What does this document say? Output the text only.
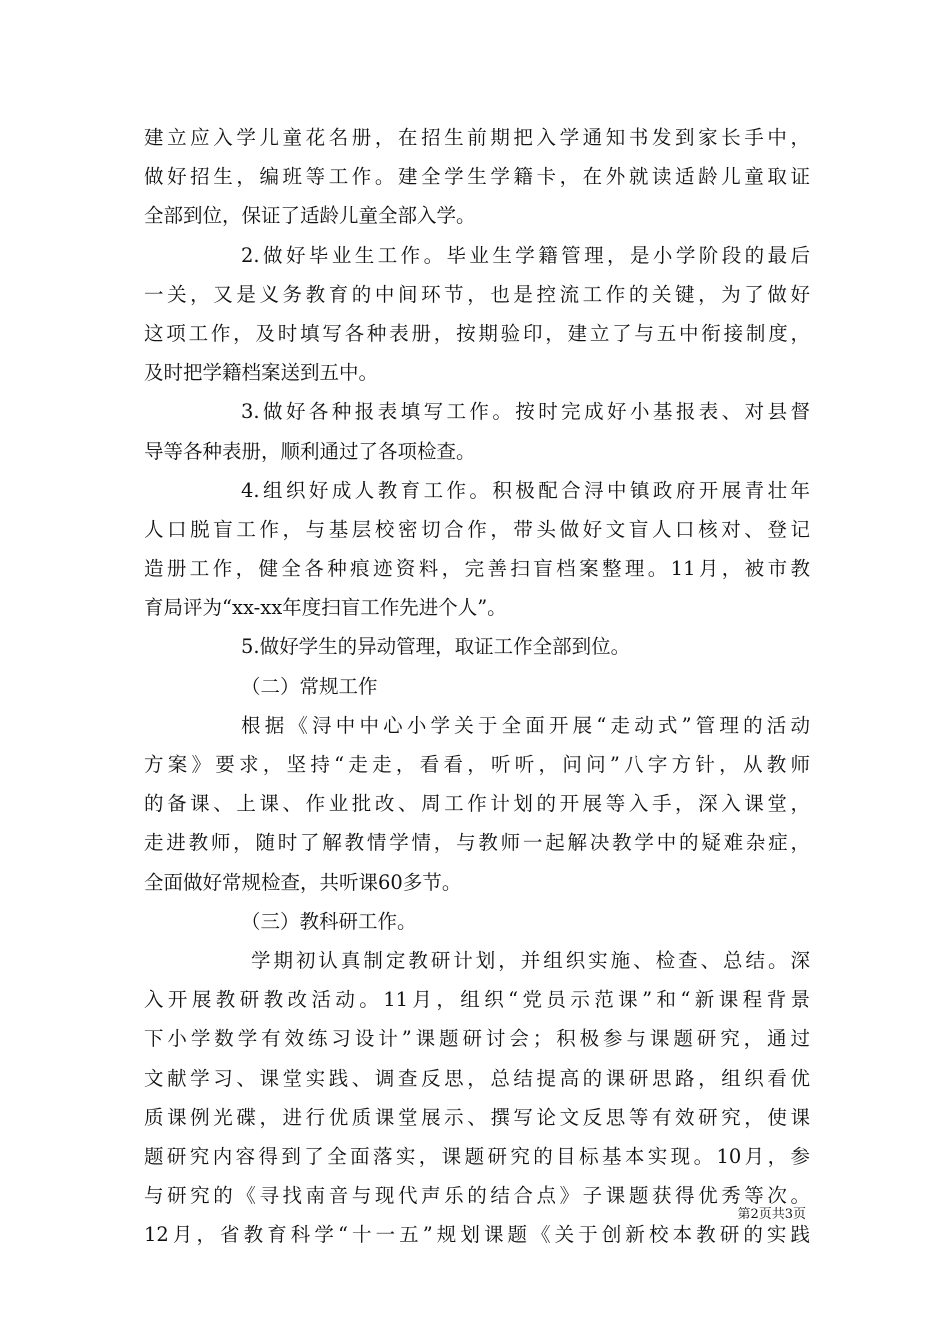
建立应入学儿童花名册，在招生前期把入学通知书发到家长手中，
做好招生，编班等工作。建全学生学籍卡，在外就读适龄儿童取证
全部到位，保证了适龄儿童全部入学。
2.做好毕业生工作。毕业生学籍管理，是小学阶段的最后
一关，又是义务教育的中间环节，也是控流工作的关键，为了做好
这项工作，及时填写各种表册，按期验印，建立了与五中衔接制度，
及时把学籍档案送到五中。
3.做好各种报表填写工作。按时完成好小基报表、对县督
导等各种表册，顺利通过了各项检查。
4.组织好成人教育工作。积极配合浔中镇政府开展青壮年
人口脱盲工作，与基层校密切合作，带头做好文盲人口核对、登记
造册工作，健全各种痕迹资料，完善扫盲档案整理。11月，被市教
育局评为“xx-xx年度扫盲工作先进个人”。
5.做好学生的异动管理，取证工作全部到位。
（二）常规工作
根据《浔中中心小学关于全面开展“走动式”管理的活动
方案》要求，坚持“走走，看看，听听，问问”八字方针，从教师
的备课、上课、作业批改、周工作计划的开展等入手，深入课堂，
走进教师，随时了解教情学情，与教师一起解决教学中的疑难杂症，
全面做好常规检查，共听课60多节。
（三）教科研工作。
学期初认真制定教研计划，并组织实施、检查、总结。深
入开展教研教改活动。11月，组织“党员示范课”和“新课程背景
下小学数学有效练习设计”课题研讨会；积极参与课题研究，通过
文献学习、课堂实践、调查反思，总结提高的课研思路，组织看优
质课例光碟，进行优质课堂展示、撰写论文反思等有效研究，使课
题研究内容得到了全面落实，课题研究的目标基本实现。10月，参
与研究的《寻找南音与现代声乐的结合点》子课题获得优秀等次。
12月，省教育科学“十一五”规划课题《关于创新校本教研的实践
第2页共3页
